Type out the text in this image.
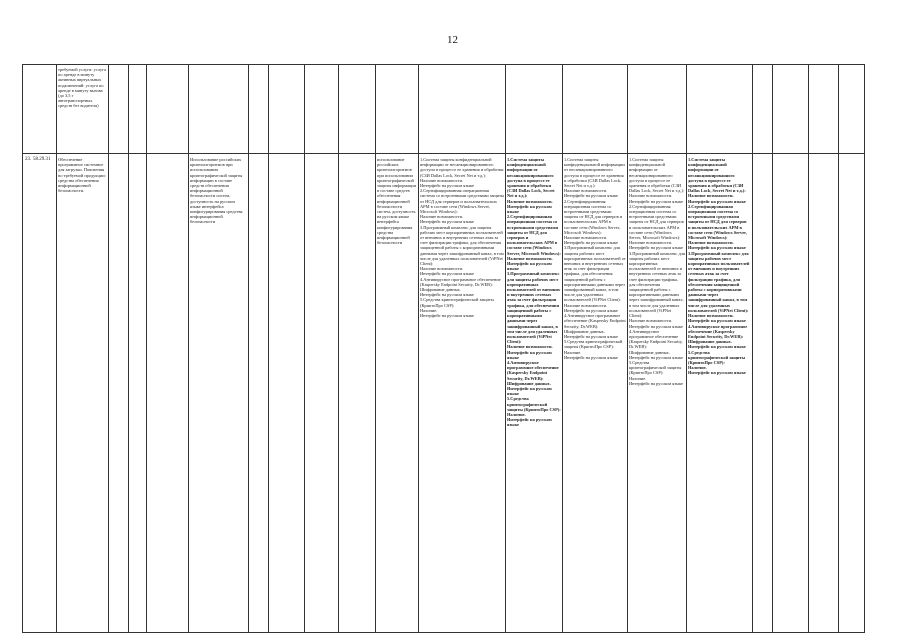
12
требуемой услуги: услуга по аренде в минуту активных виртуальных подключений: услуга по аренде в минуту вызова (до 3,5 г автотранспортных средств без водителя)
23. 58.29.31 Обеспечение программное системное для загрузки. Пояснения по требуемой продукции: средства обеспечения информационной безопасности.
Использование российских криптоалгоритмов при использовании криптографической защиты информации в составе средств обеспечения информационной безопасности систем, доступность на русском языке интерфейса конфигурирования средства информационной безопасности
использование российских криптоалгоритмов при использовании криптографической защиты информации в составе средств обеспечения информационной безопасности систем, доступность на русском языке интерфейса конфигурирования средства информационной безопасности
1.Система защиты конфиденциальной информации от несанкционированного доступа в процессе ее хранения и обработки (СЗИ Dallas Lock, Secret Net и т.д.):
Наличие возможности.
Интерфейс на русском языке
2.Сертифицированная операционная система со встроенными средствами защиты от НСД для серверов и пользовательских АРМ в составе сети (Windows Server, Microsoft Windows):
Наличие возможности.
Интерфейс на русском языке
3.Программный комплекс для защиты рабочих мест корпоративных пользователей от внешних и внутренних сетевых атак за счет фильтрации трафика, для обеспечения защищенной работы с корпоративными данными через зашифрованный канал, в том числе для удаленных пользователей (ViPNet Client):
Наличие возможности.
Интерфейс на русском языке
4.Антивирусное программное обеспечение (Kaspersky Endpoint Security, Dr.WEB):
Шифрование данных.
Интерфейс на русском языке
5.Средства криптографической защиты (КриптоПро CSP):
Наличие.
Интерфейс на русском языке
1.Система защиты конфиденциальной информации от несанкционированного доступа в процессе ее хранения и обработки (СЗИ Dallas Lock, Secret Net и т.д.):
Наличие возможности.
Интерфейс на русском языке
2.Сертифицированная операционная система со встроенными средствами защиты от НСД для серверов и пользовательских АРМ в составе сети (Windows Server, Microsoft Windows):
Наличие возможности.
Интерфейс на русском языке
3.Программный комплекс для защиты рабочих мест корпоративных пользователей от внешних и внутренних сетевых атак за счет фильтрации трафика, для обеспечения защищенной работы с корпоративными данными через зашифрованный канал, в том числе для удаленных пользователей (ViPNet Client):
Наличие возможности.
Интерфейс на русском языке
4.Антивирусное программное обеспечение (Kaspersky Endpoint Security, Dr.WEB):
Шифрование данных.
Интерфейс на русском языке
5.Средства криптографической защиты (КриптоПро CSP):
Наличие.
Интерфейс на русском языке
1.Система защиты конфиденциальной информации от несанкционированного доступа в процессе ее хранения и обработки (СЗИ Dallas Lock, Secret Net и т.д.):
Наличие возможности.
Интерфейс на русском языке
2.Сертифицированная операционная система со встроенными средствами защиты от НСД для серверов и пользовательских АРМ в составе сети (Windows Server, Microsoft Windows):
Наличие возможности.
Интерфейс на русском языке
3.Программный комплекс для защиты рабочих мест корпоративных пользователей от внешних и внутренних сетевых атак за счет фильтрации трафика, для обеспечения защищенной работы с корпоративными данными через зашифрованный канал, в том числе для удаленных пользователей (ViPNet Client):
Наличие возможности.
Интерфейс на русском языке
4.Антивирусное программное обеспечение (Kaspersky Endpoint Security, Dr.WEB):
Шифрование данных.
Интерфейс на русском языке
5.Средства криптографической защиты (КриптоПро CSP):
Наличие.
Интерфейс на русском языке
1.Система защиты конфиденциальной информации от несанкционированного доступа в процессе ее хранения и обработки (СЗИ Dallas Lock, Secret Net и т.д.):
Наличие возможности.
Интерфейс на русском языке
2.Сертифицированная операционная система со встроенными средствами защиты от НСД для серверов и пользовательских АРМ в составе сети (Windows Server, Microsoft Windows):
Наличие возможности.
Интерфейс на русском языке
3.Программный комплекс для защиты рабочих мест корпоративных пользователей от внешних и внутренних сетевых атак за счет фильтрации трафика, для обеспечения защищенной работы с корпоративными данными через зашифрованный канал, в том числе для удаленных пользователей (ViPNet Client):
Наличие возможности.
Интерфейс на русском языке
4.Антивирусное программное обеспечение (Kaspersky Endpoint Security, Dr.WEB):
Шифрование данных.
Интерфейс на русском языке
5.Средства криптографической защиты (КриптоПро CSP):
Наличие.
Интерфейс на русском языке
1.Система защиты конфиденциальной информации от несанкционированного доступа в процессе ее хранения и обработки (СЗИ Dallas Lock, Secret Net и т.д.):
Наличие возможности.
Интерфейс на русском языке
2.Сертифицированная операционная система со встроенными средствами защиты от НСД для серверов и пользовательских АРМ в составе сети (Windows Server, Microsoft Windows):
Наличие возможности.
Интерфейс на русском языке
3.Программный комплекс для защиты рабочих мест корпоративных пользователей от внешних и внутренних сетевых атак за счет фильтрации трафика, для обеспечения защищенной работы с корпоративными данными через зашифрованный канал, в том числе для удаленных пользователей (ViPNet Client):
Наличие возможности.
Интерфейс на русском языке
4.Антивирусное программное обеспечение (Kaspersky Endpoint Security, Dr.WEB):
Шифрование данных.
Интерфейс на русском языке
5.Средства криптографической защиты (КриптоПро CSP):
Наличие.
Интерфейс на русском языке
